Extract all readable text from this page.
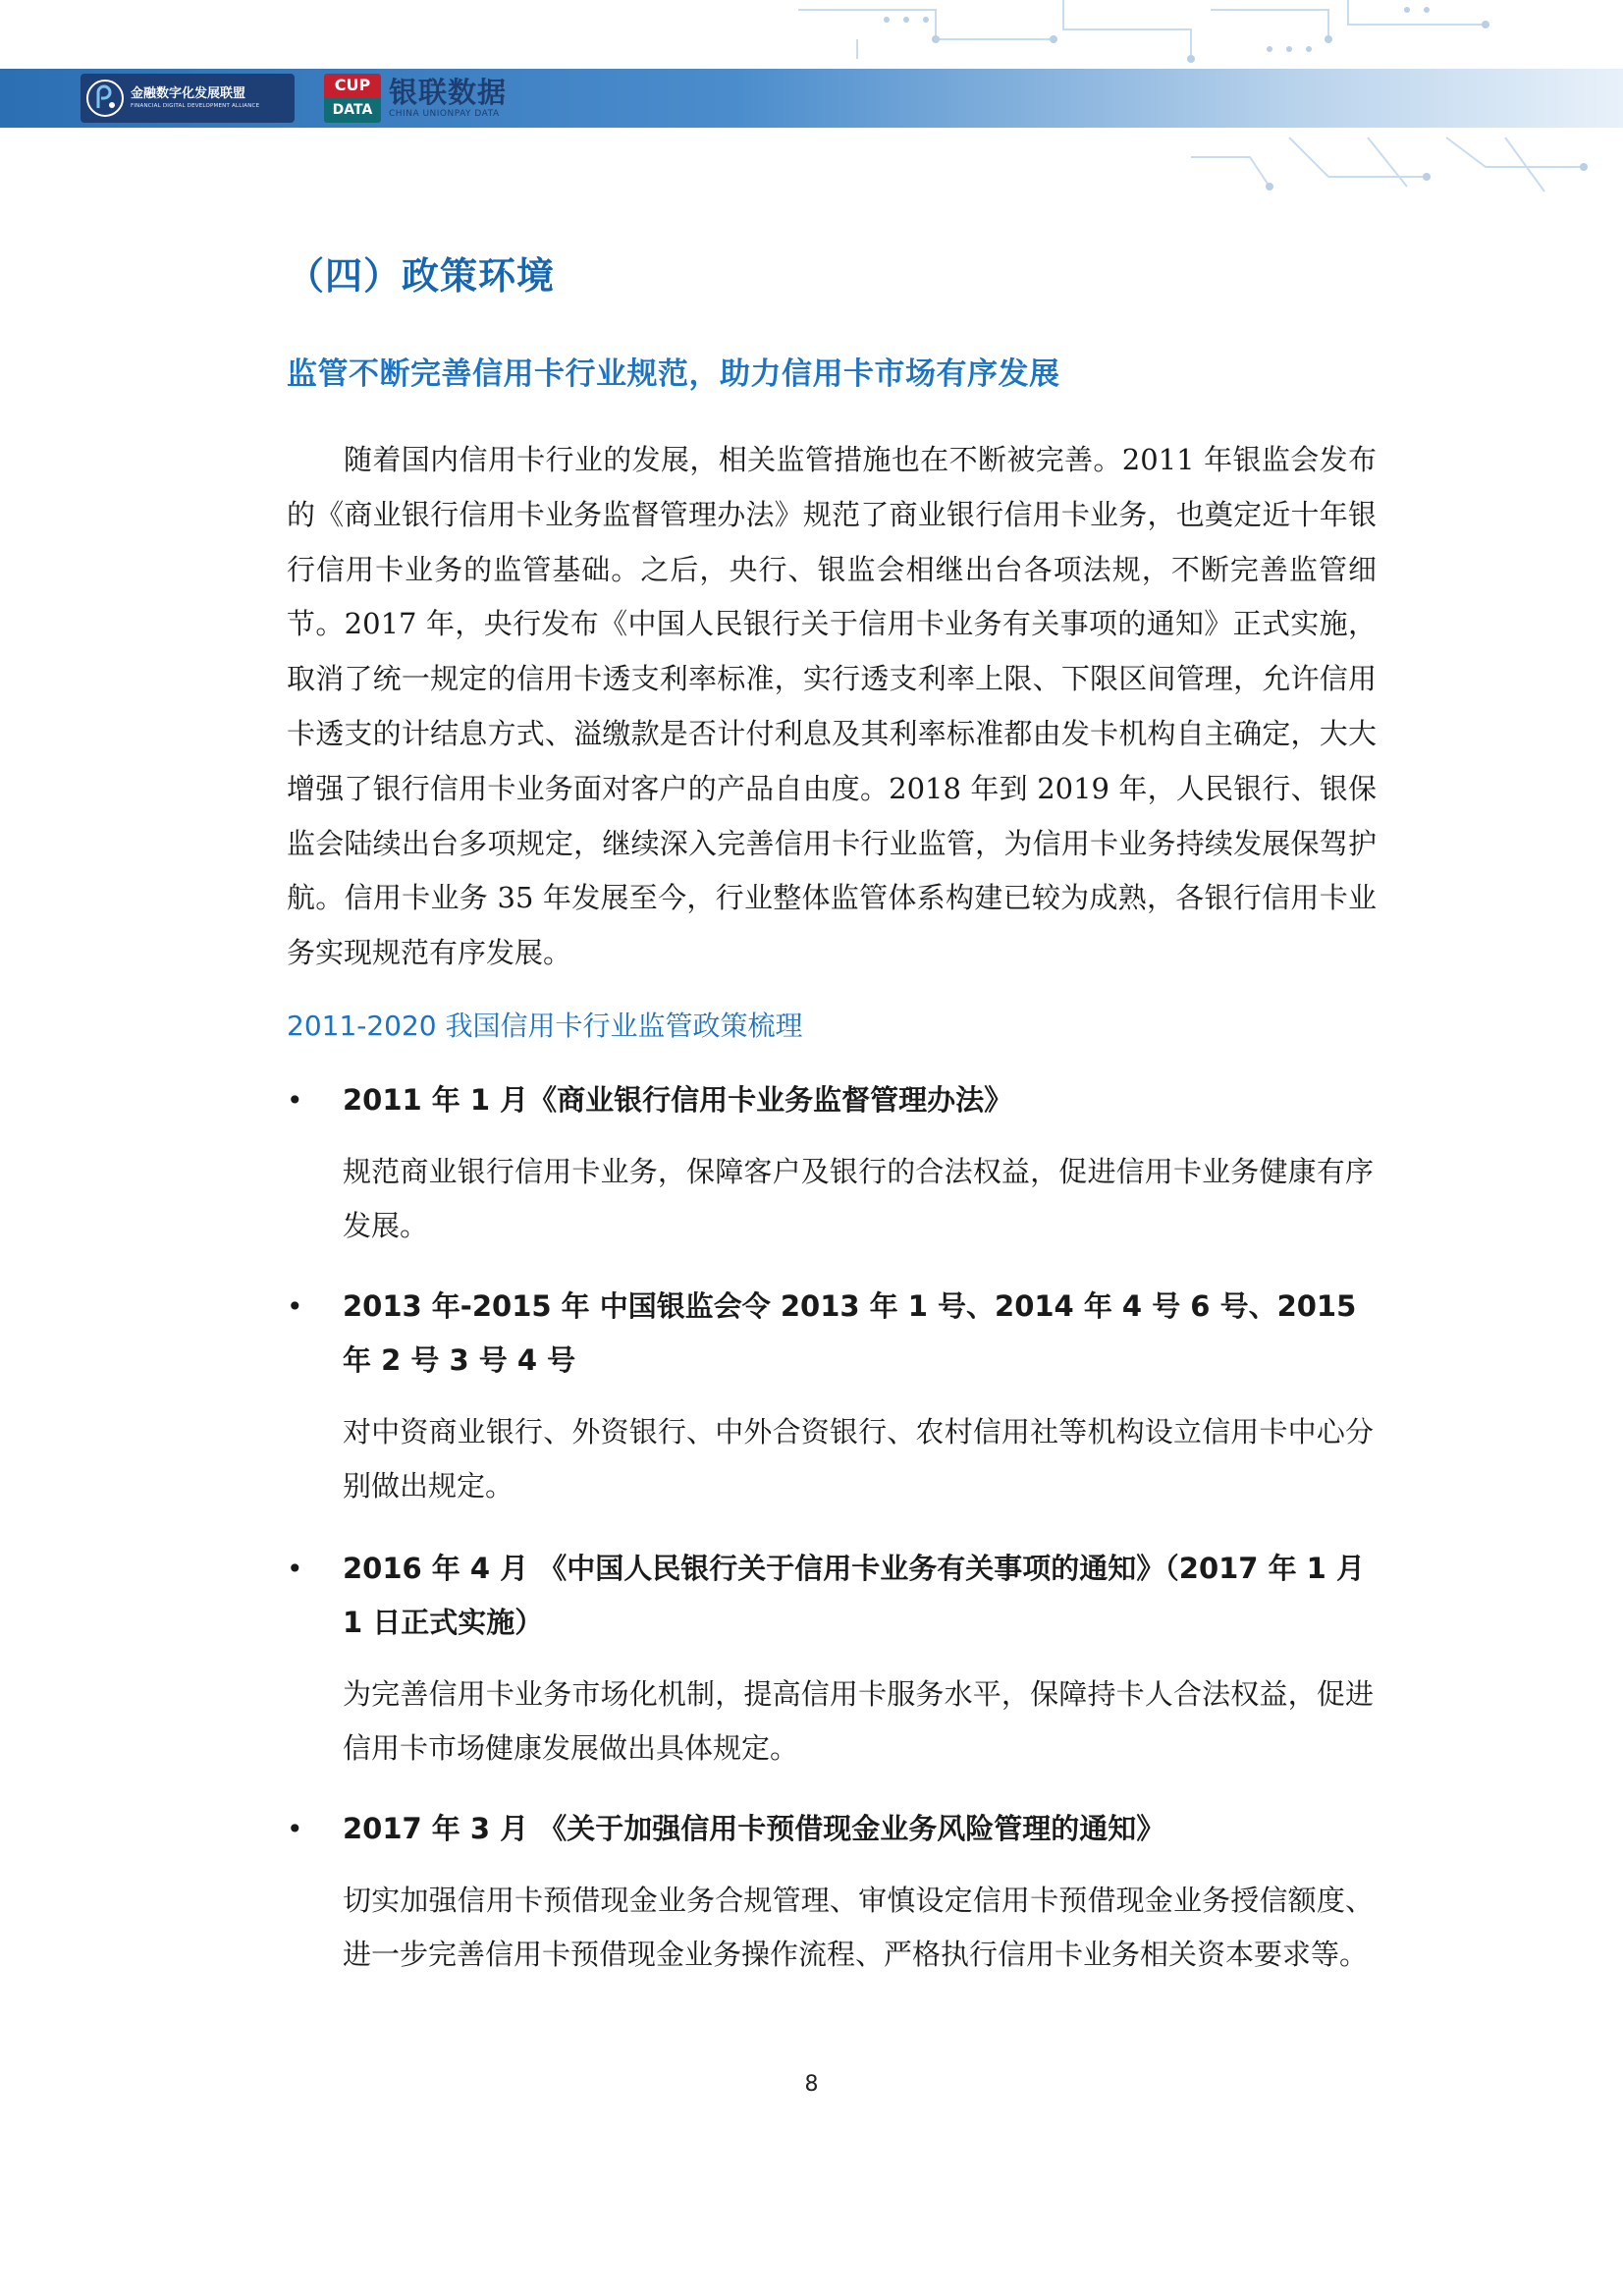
金融数字化发展联盟
FINANCIAL DIGITAL DEVELOPMENT ALLIANCE
CUP
DATA
银联数据
CHINA UNIONPAY DATA
（四）政策环境
监管不断完善信用卡行业规范，助力信用卡市场有序发展

随着国内信用卡行业的发展，相关监管措施也在不断被完善。2011 年银监会发布的《商业银行信用卡业务监督管理办法》规范了商业银行信用卡业务，也奠定近十年银行信用卡业务的监管基础。之后，央行、银监会相继出台各项法规，不断完善监管细节。2017 年，央行发布《中国人民银行关于信用卡业务有关事项的通知》正式实施，取消了统一规定的信用卡透支利率标准，实行透支利率上限、下限区间管理，允许信用卡透支的计结息方式、溢缴款是否计付利息及其利率标准都由发卡机构自主确定，大大增强了银行信用卡业务面对客户的产品自由度。2018 年到 2019 年，人民银行、银保监会陆续出台多项规定，继续深入完善信用卡行业监管，为信用卡业务持续发展保驾护航。信用卡业务 35 年发展至今，行业整体监管体系构建已较为成熟，各银行信用卡业务实现规范有序发展。

2011-2020 我国信用卡行业监管政策梳理
• 2011 年 1 月《商业银行信用卡业务监督管理办法》

规范商业银行信用卡业务，保障客户及银行的合法权益，促进信用卡业务健康有序发展。

• 2013 年-2015 年 中国银监会令 2013 年 1 号、2014 年 4 号 6 号、2015 年 2 号 3 号 4 号

对中资商业银行、外资银行、中外合资银行、农村信用社等机构设立信用卡中心分别做出规定。

• 2016 年 4 月 《中国人民银行关于信用卡业务有关事项的通知》（2017 年 1 月 1 日正式实施）

为完善信用卡业务市场化机制，提高信用卡服务水平，保障持卡人合法权益，促进信用卡市场健康发展做出具体规定。

• 2017 年 3 月 《关于加强信用卡预借现金业务风险管理的通知》

切实加强信用卡预借现金业务合规管理、审慎设定信用卡预借现金业务授信额度、进一步完善信用卡预借现金业务操作流程、严格执行信用卡业务相关资本要求等。

8
